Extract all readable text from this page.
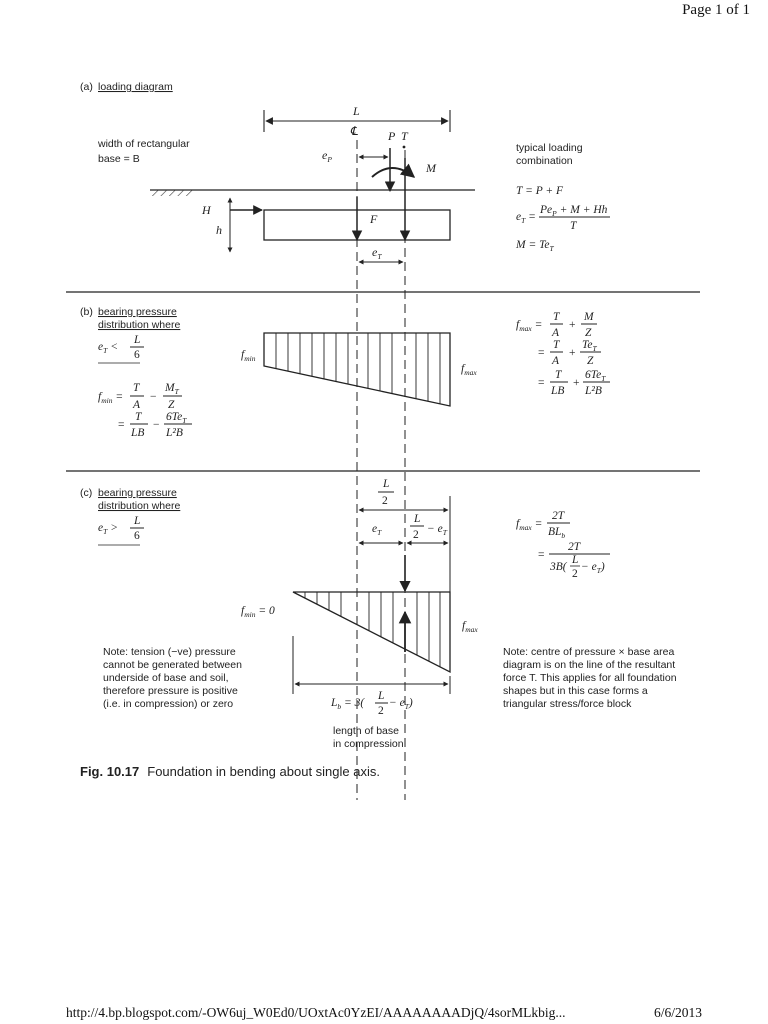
Page 1 of 1
(a) loading diagram
width of rectangular
base = B
typical loading
combination
L
℄	P T
$e_P$
M
H
h
F
$e_T$
T = P + F
$e_T$ =
$Pe_P + M + Hh$
T
$M = Te_T$
(b) bearing pressure
distribution where
$e_T$ <
L
6	$f_{min}$
$f_{max}$
$f_{min}$ =
T
A
−
$M_T$
Z
=
T
LB
−
$6Te_T$
L²B
$f_{max}$ =
T
A
+
M
Z
=
T
A
+
$Te_T$
Z
=
T
LB
+
$6Te_T$
L²B
(c) bearing pressure
distribution where
$e_T$ >
L
6
L
2
$e_T$
L
$2 - e_T$
$f_{min} = 0$
$f_{max}$
$L_b = 3$(
L
2
− $e_T$)
length of base
in compression
$f_{max}$ =
2T
$BL_b$
=
2T
3B(
L
2
− $e_T$)
Note: tension (−ve) pressure
cannot be generated between
underside of base and soil,
therefore pressure is positive
(i.e. in compression) or zero
Note: centre of pressure × base area
diagram is on the line of the resultant
force T. This applies for all foundation
shapes but in this case forms a
triangular stress/force block
Fig. 10.17 Foundation in bending about single axis.
http://4.bp.blogspot.com/-OW6uj_W0Ed0/UOxtAc0YzEI/AAAAAAAADjQ/4sorMLkbig...	6/6/2013
